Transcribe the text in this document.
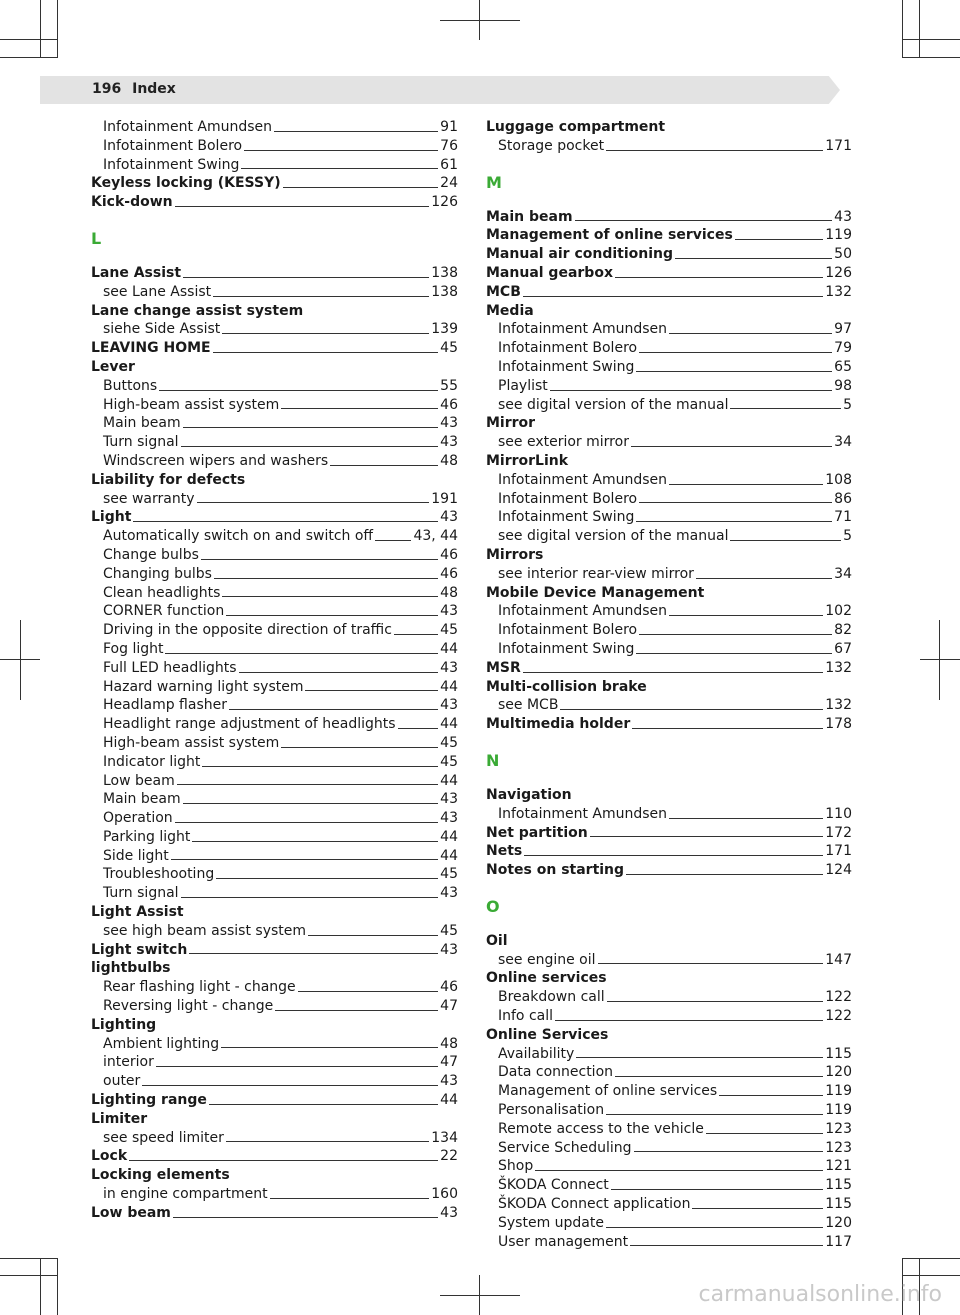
196 Index
Infotainment Amundsen	91
Infotainment Bolero	76
Infotainment Swing	61
Keyless locking (KESSY)	24
Kick-down	126
L
Lane Assist	138
see Lane Assist	138
Lane change assist system
siehe Side Assist	139
LEAVING HOME	45
Lever
Buttons	55
High-beam assist system	46
Main beam	43
Turn signal	43
Windscreen wipers and washers	48
Liability for defects
see warranty	191
Light	43
Automatically switch on and switch off	43, 44
Change bulbs	46
Changing bulbs	46
Clean headlights	48
CORNER function	43
Driving in the opposite direction of traffic	45
Fog light	44
Full LED headlights	43
Hazard warning light system	44
Headlamp flasher	43
Headlight range adjustment of headlights	44
High-beam assist system	45
Indicator light	45
Low beam	44
Main beam	43
Operation	43
Parking light	44
Side light	44
Troubleshooting	45
Turn signal	43
Light Assist
see high beam assist system	45
Light switch	43
lightbulbs
Rear flashing light - change	46
Reversing light - change	47
Lighting
Ambient lighting	48
interior	47
outer	43
Lighting range	44
Limiter
see speed limiter	134
Lock	22
Locking elements
in engine compartment	160
Low beam	43
Luggage compartment
Storage pocket	171
M
Main beam	43
Management of online services	119
Manual air conditioning	50
Manual gearbox	126
MCB	132
Media
Infotainment Amundsen	97
Infotainment Bolero	79
Infotainment Swing	65
Playlist	98
see digital version of the manual	5
Mirror
see exterior mirror	34
MirrorLink
Infotainment Amundsen	108
Infotainment Bolero	86
Infotainment Swing	71
see digital version of the manual	5
Mirrors
see interior rear-view mirror	34
Mobile Device Management
Infotainment Amundsen	102
Infotainment Bolero	82
Infotainment Swing	67
MSR	132
Multi-collision brake
see MCB	132
Multimedia holder	178
N
Navigation
Infotainment Amundsen	110
Net partition	172
Nets	171
Notes on starting	124
O
Oil
see engine oil	147
Online services
Breakdown call	122
Info call	122
Online Services
Availability	115
Data connection	120
Management of online services	119
Personalisation	119
Remote access to the vehicle	123
Service Scheduling	123
Shop	121
ŠKODA Connect	115
ŠKODA Connect application	115
System update	120
User management	117
carmanualsonline.info
